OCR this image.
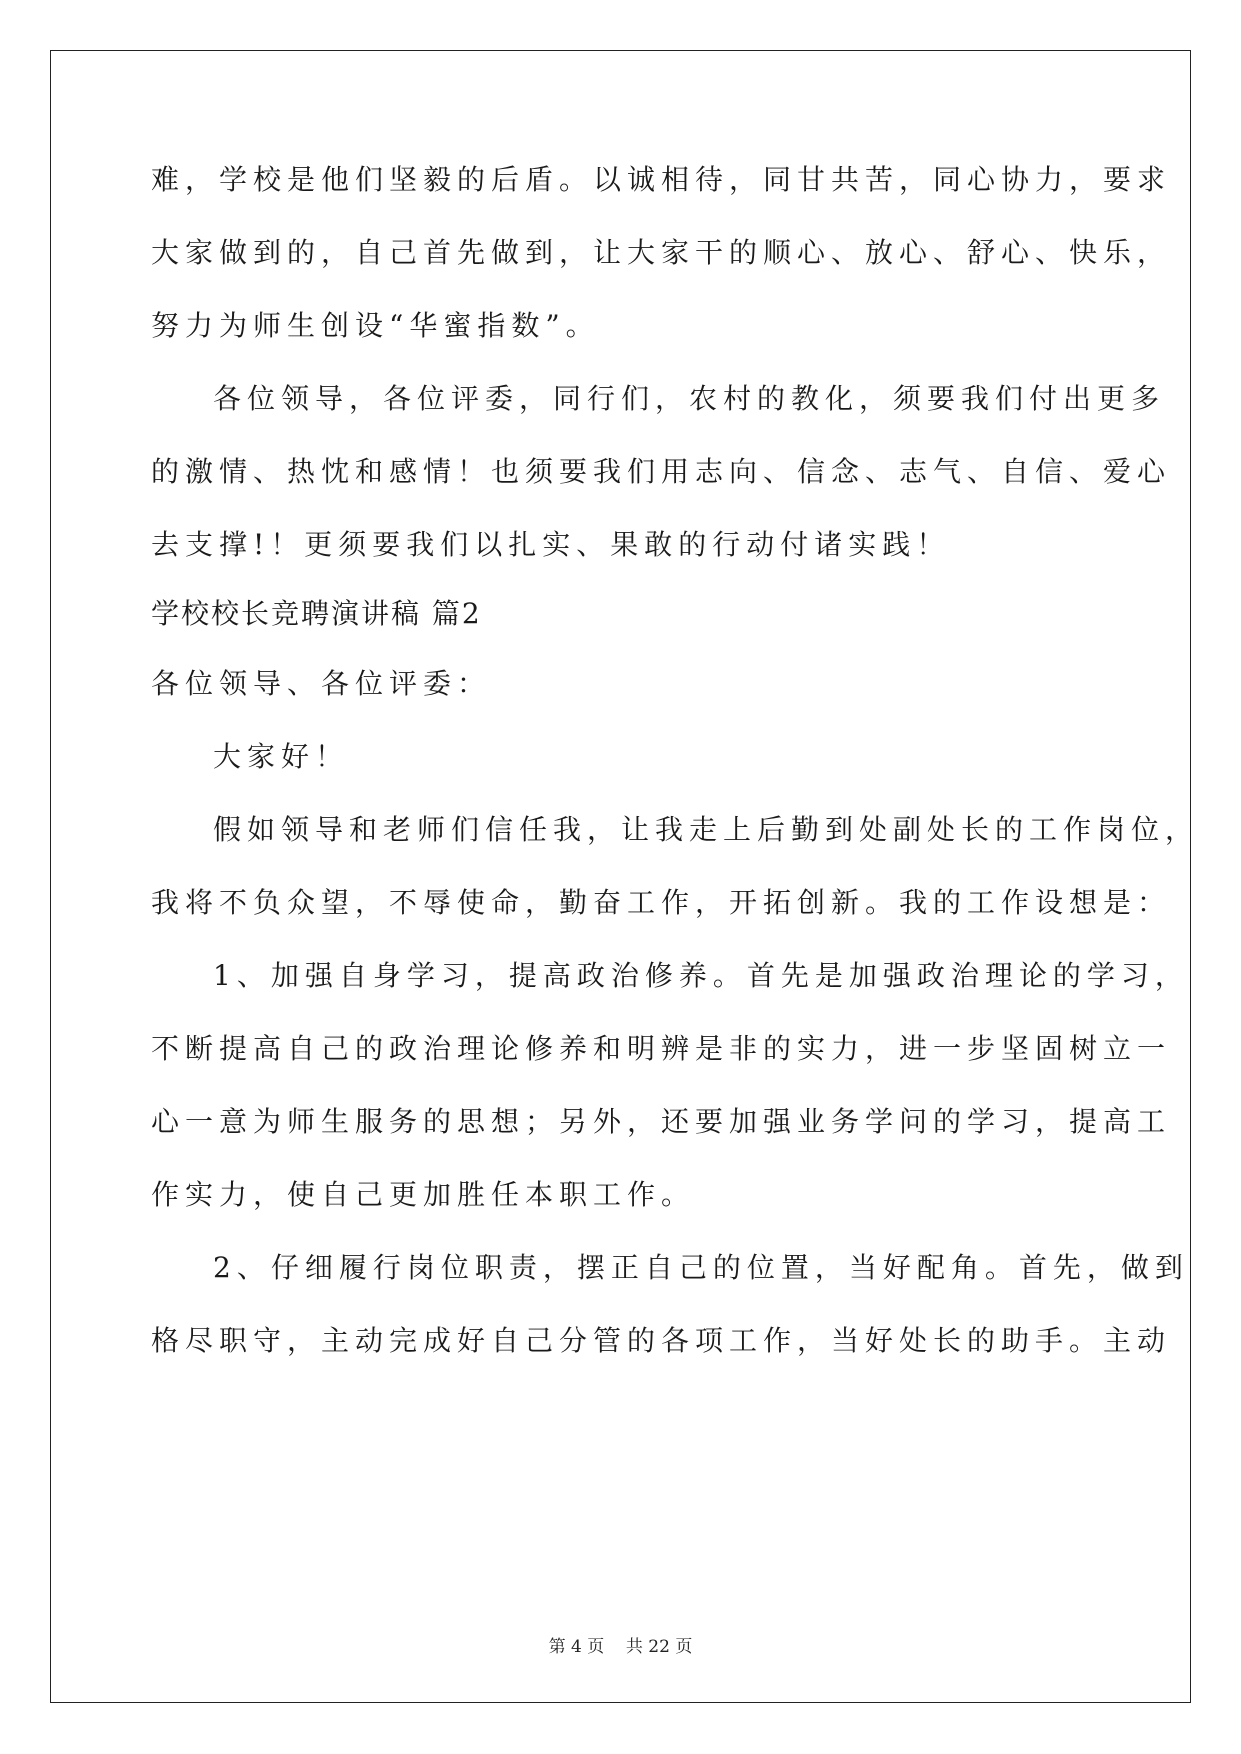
难，学校是他们坚毅的后盾。以诚相待，同甘共苦，同心协力，要求
大家做到的，自己首先做到，让大家干的顺心、放心、舒心、快乐，
努力为师生创设“华蜜指数”。
各位领导，各位评委，同行们，农村的教化，须要我们付出更多
的激情、热忱和感情！也须要我们用志向、信念、志气、自信、爱心
去支撑!！更须要我们以扎实、果敢的行动付诸实践！
学校校长竞聘演讲稿 篇2
各位领导、各位评委：
大家好！
假如领导和老师们信任我，让我走上后勤到处副处长的工作岗位，
我将不负众望，不辱使命，勤奋工作，开拓创新。我的工作设想是：
1、加强自身学习，提高政治修养。首先是加强政治理论的学习，
不断提高自己的政治理论修养和明辨是非的实力，进一步坚固树立一
心一意为师生服务的思想；另外，还要加强业务学问的学习，提高工
作实力，使自己更加胜任本职工作。
2、仔细履行岗位职责，摆正自己的位置，当好配角。首先，做到
格尽职守，主动完成好自己分管的各项工作，当好处长的助手。主动
第 4 页    共 22 页
